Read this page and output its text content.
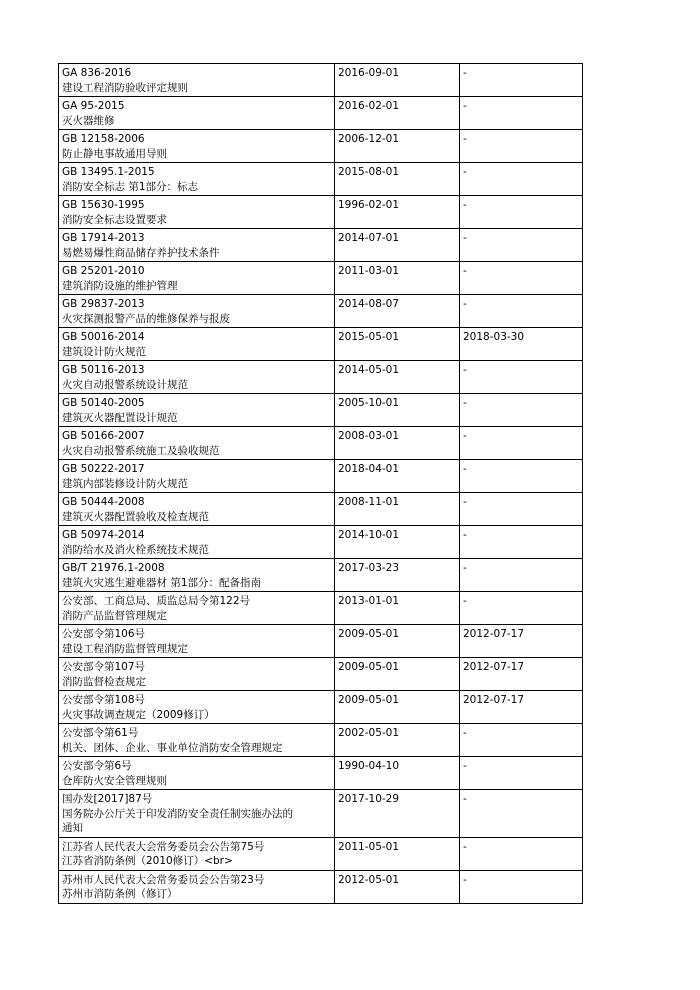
GA 836-2016
建设工程消防验收评定规则	2016-09-01	-
GA 95-2015
灭火器维修	2016-02-01	-
GB 12158-2006
防止静电事故通用导则	2006-12-01	-
GB 13495.1-2015
消防安全标志 第1部分：标志	2015-08-01	-
GB 15630-1995
消防安全标志设置要求	1996-02-01	-
GB 17914-2013
易燃易爆性商品储存养护技术条件	2014-07-01	-
GB 25201-2010
建筑消防设施的维护管理	2011-03-01	-
GB 29837-2013
火灾探测报警产品的维修保养与报废	2014-08-07	-
GB 50016-2014
建筑设计防火规范	2015-05-01	2018-03-30
GB 50116-2013
火灾自动报警系统设计规范	2014-05-01	-
GB 50140-2005
建筑灭火器配置设计规范	2005-10-01	-
GB 50166-2007
火灾自动报警系统施工及验收规范	2008-03-01	-
GB 50222-2017
建筑内部装修设计防火规范	2018-04-01	-
GB 50444-2008
建筑灭火器配置验收及检查规范	2008-11-01	-
GB 50974-2014
消防给水及消火栓系统技术规范	2014-10-01	-
GB/T 21976.1-2008
建筑火灾逃生避难器材 第1部分：配备指南	2017-03-23	-
公安部、工商总局、质监总局令第122号
消防产品监督管理规定	2013-01-01	-
公安部令第106号
建设工程消防监督管理规定	2009-05-01	2012-07-17
公安部令第107号
消防监督检查规定	2009-05-01	2012-07-17
公安部令第108号
火灾事故调查规定（2009修订）	2009-05-01	2012-07-17
公安部令第61号
机关、团体、企业、事业单位消防安全管理规定	2002-05-01	-
公安部令第6号
仓库防火安全管理规则	1990-04-10	-
国办发[2017]87号
国务院办公厅关于印发消防安全责任制实施办法的
通知	2017-10-29	-
江苏省人民代表大会常务委员会公告第75号
江苏省消防条例（2010修订）<br>	2011-05-01	-
苏州市人民代表大会常务委员会公告第23号
苏州市消防条例（修订）	2012-05-01	-
